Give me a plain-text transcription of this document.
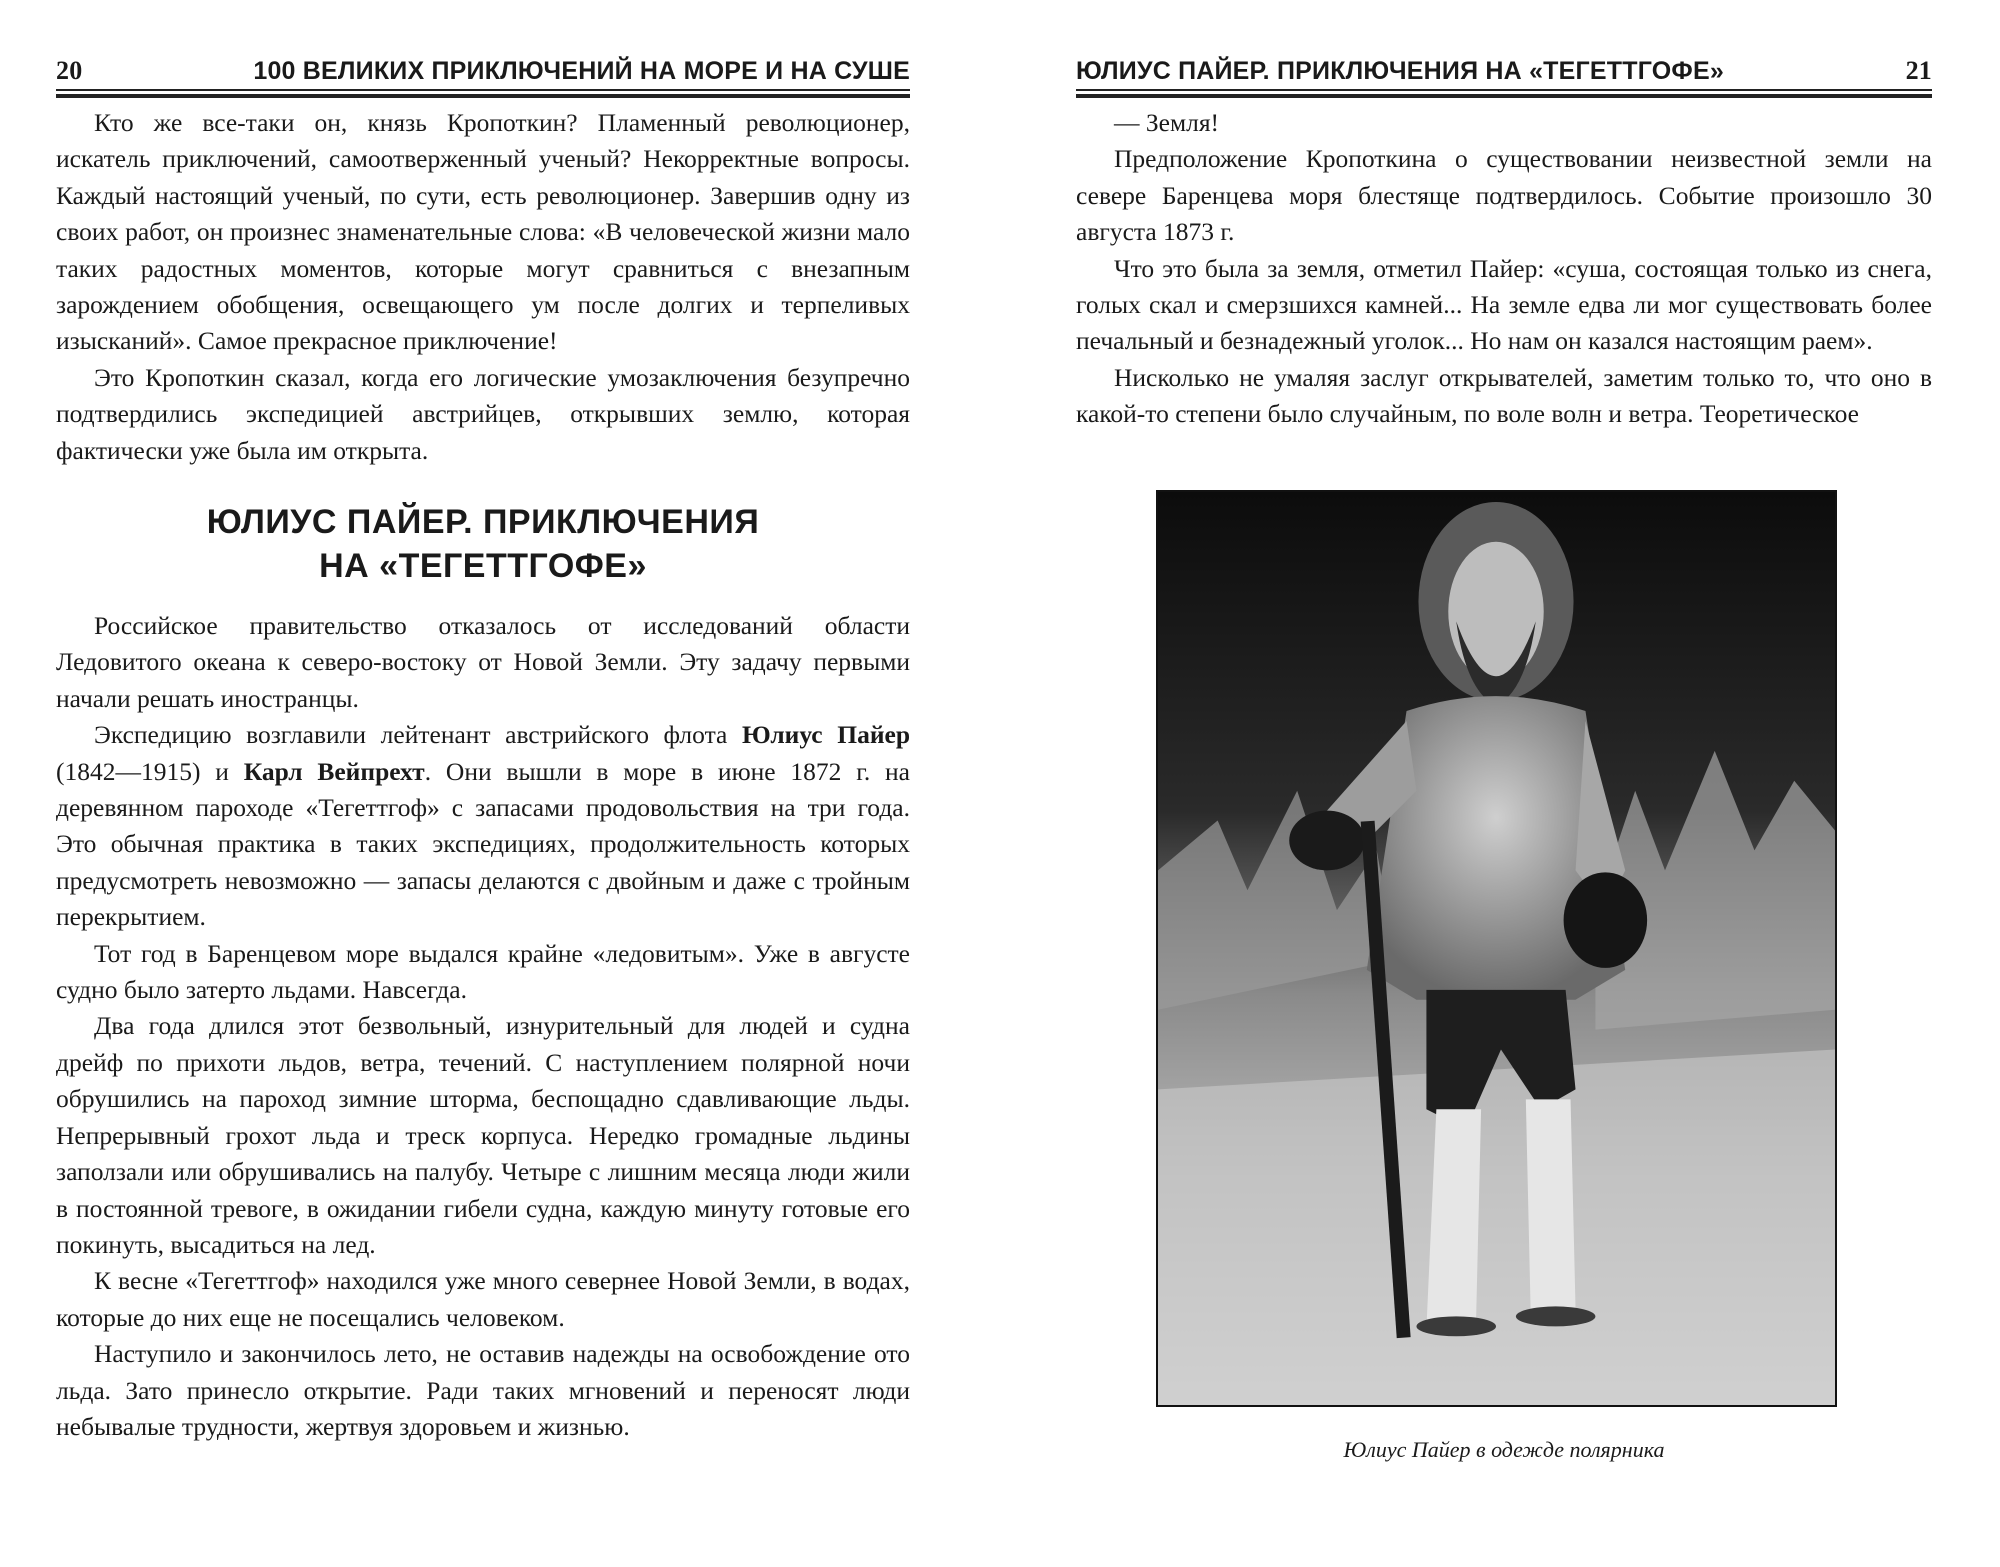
20	100 ВЕЛИКИХ ПРИКЛЮЧЕНИЙ НА МОРЕ И НА СУШЕ

Кто же все-таки он, князь Кропоткин? Пламенный революционер, искатель приключений, самоотверженный ученый? Некорректные вопросы. Каждый настоящий ученый, по сути, есть революционер. Завершив одну из своих работ, он произнес знаменательные слова: «В человеческой жизни мало таких радостных моментов, которые могут сравниться с внезапным зарождением обобщения, освещающего ум после долгих и терпеливых изысканий». Самое прекрасное приключение!

Это Кропоткин сказал, когда его логические умозаключения безупречно подтвердились экспедицией австрийцев, открывших землю, которая фактически уже была им открыта.

ЮЛИУС ПАЙЕР. ПРИКЛЮЧЕНИЯ
НА «ТЕГЕТТГОФЕ»

Российское правительство отказалось от исследований области Ледовитого океана к северо-востоку от Новой Земли. Эту задачу первыми начали решать иностранцы.

Экспедицию возглавили лейтенант австрийского флота Юлиус Пайер (1842—1915) и Карл Вейпрехт. Они вышли в море в июне 1872 г. на деревянном пароходе «Тегеттгоф» с запасами продовольствия на три года. Это обычная практика в таких экспедициях, продолжительность которых предусмотреть невозможно — запасы делаются с двойным и даже с тройным перекрытием.

Тот год в Баренцевом море выдался крайне «ледовитым». Уже в августе судно было затерто льдами. Навсегда.

Два года длился этот безвольный, изнурительный для людей и судна дрейф по прихоти льдов, ветра, течений. С наступлением полярной ночи обрушились на пароход зимние шторма, беспощадно сдавливающие льды. Непрерывный грохот льда и треск корпуса. Нередко громадные льдины заползали или обрушивались на палубу. Четыре с лишним месяца люди жили в постоянной тревоге, в ожидании гибели судна, каждую минуту готовые его покинуть, высадиться на лед.

К весне «Тегеттгоф» находился уже много севернее Новой Земли, в водах, которые до них еще не посещались человеком.

Наступило и закончилось лето, не оставив надежды на освобождение ото льда. Зато принесло открытие. Ради таких мгновений и переносят люди небывалые трудности, жертвуя здоровьем и жизнью.

ЮЛИУС ПАЙЕР. ПРИКЛЮЧЕНИЯ НА «ТЕГЕТТГОФЕ»	21

— Земля!

Предположение Кропоткина о существовании неизвестной земли на севере Баренцева моря блестяще подтвердилось. Событие произошло 30 августа 1873 г.

Что это была за земля, отметил Пайер: «суша, состоящая только из снега, голых скал и смерзшихся камней... На земле едва ли мог существовать более печальный и безнадежный уголок... Но нам он казался настоящим раем».

Нисколько не умаляя заслуг открывателей, заметим только то, что оно в какой-то степени было случайным, по воле волн и ветра. Теоретическое

Юлиус Пайер в одежде полярника
